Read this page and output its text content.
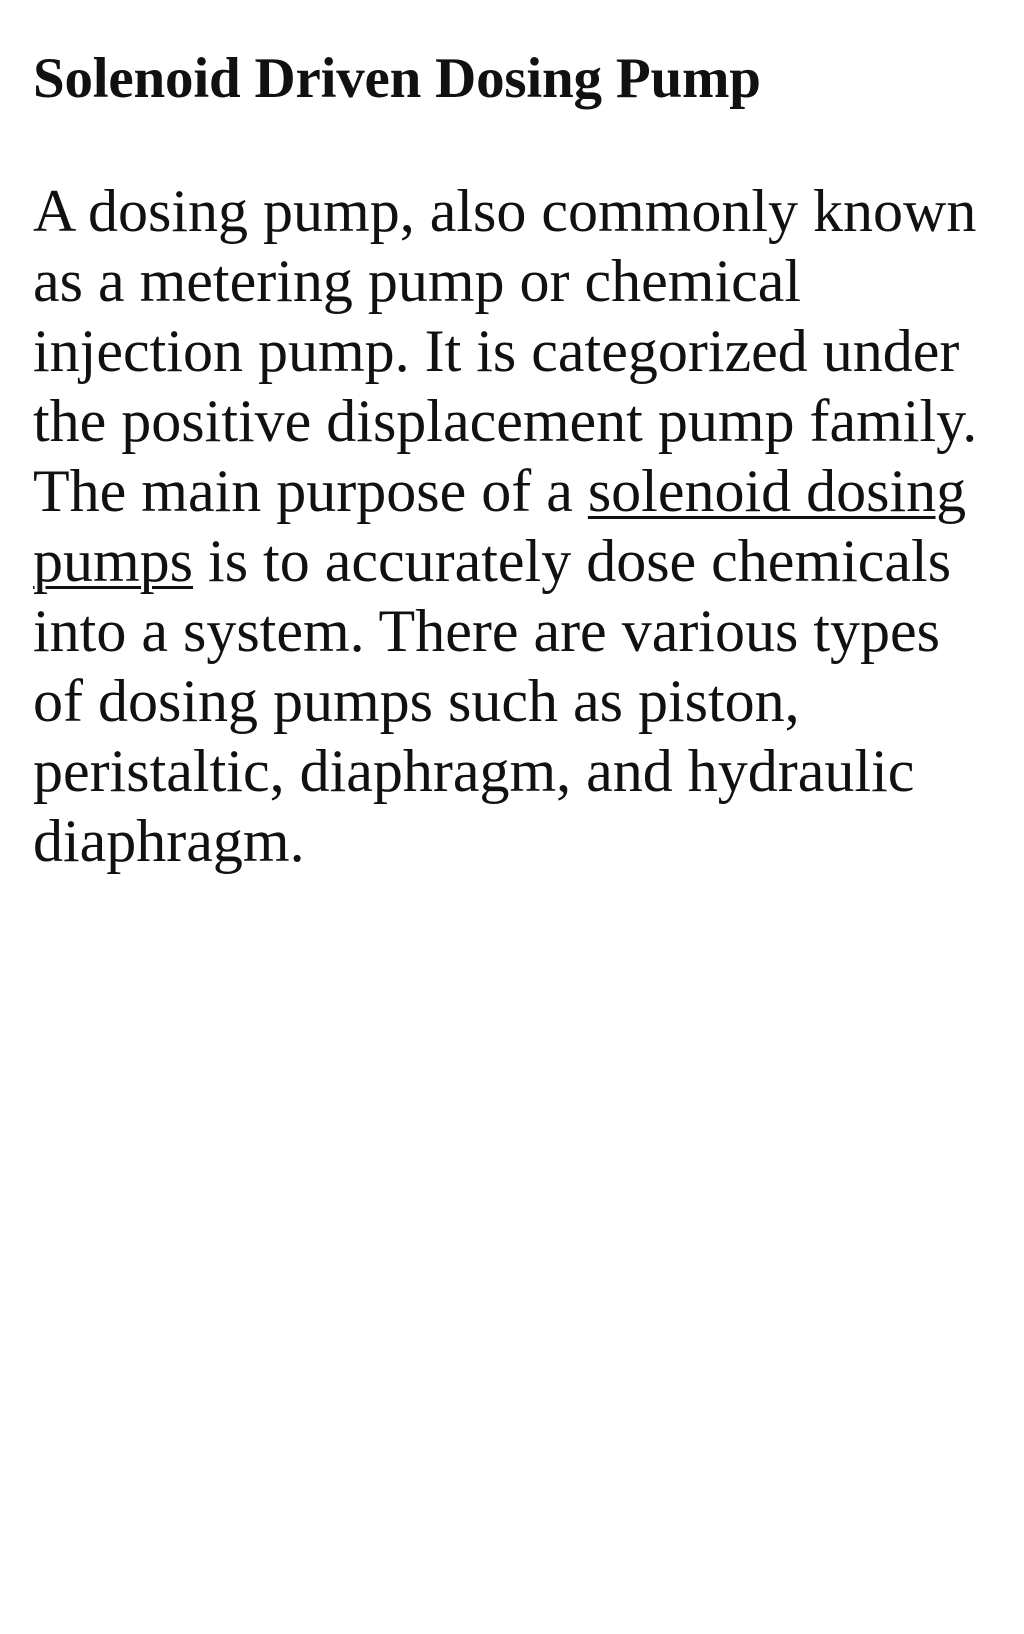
Solenoid Driven Dosing Pump

A dosing pump, also commonly known as a metering pump or chemical injection pump. It is categorized under the positive displacement pump family. The main purpose of a solenoid dosing pumps is to accurately dose chemicals into a system. There are various types of dosing pumps such as piston, peristaltic, diaphragm, and hydraulic diaphragm.
